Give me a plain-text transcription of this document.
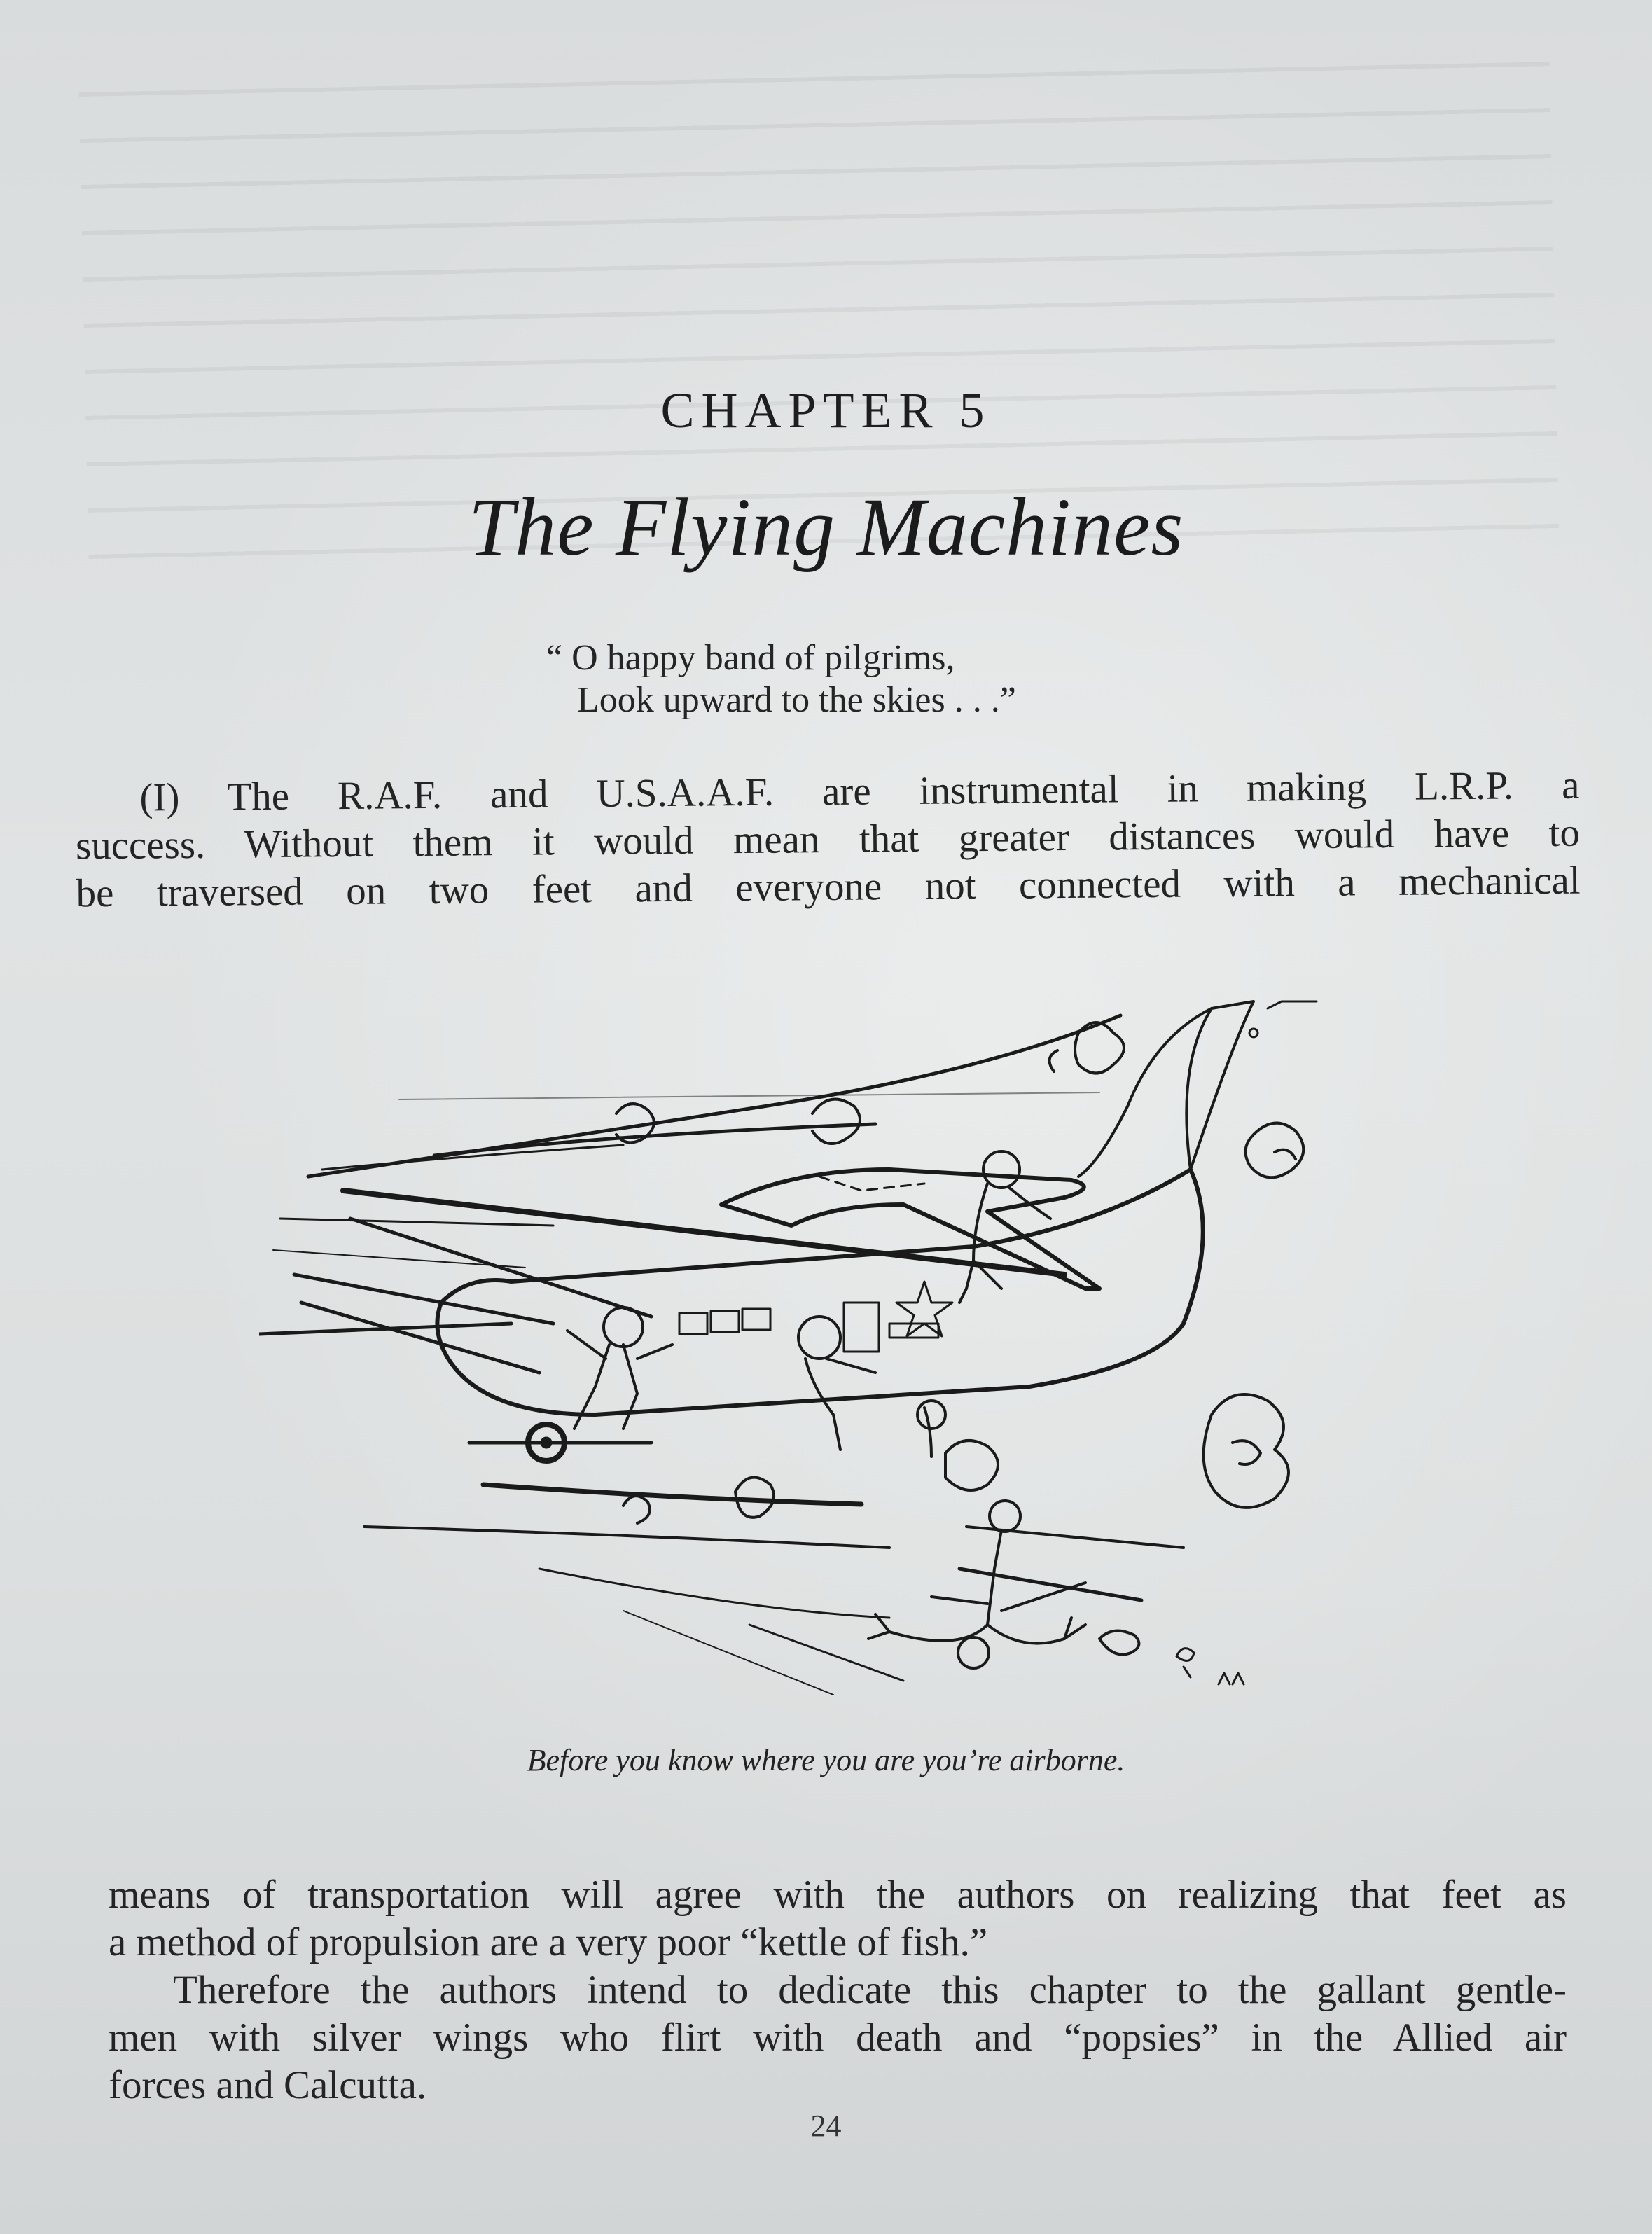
CHAPTER 5
The Flying Machines
“ O happy band of pilgrims,
Look upward to the skies . . .”
(I) The R.A.F. and U.S.A.A.F. are instrumental in making L.R.P. a
success. Without them it would mean that greater distances would have to
be traversed on two feet and everyone not connected with a mechanical
Before you know where you are you’re airborne.
means of transportation will agree with the authors on realizing that feet as
a method of propulsion are a very poor “kettle of fish.”
Therefore the authors intend to dedicate this chapter to the gallant gentle-
men with silver wings who flirt with death and “popsies” in the Allied air
forces and Calcutta.
24
